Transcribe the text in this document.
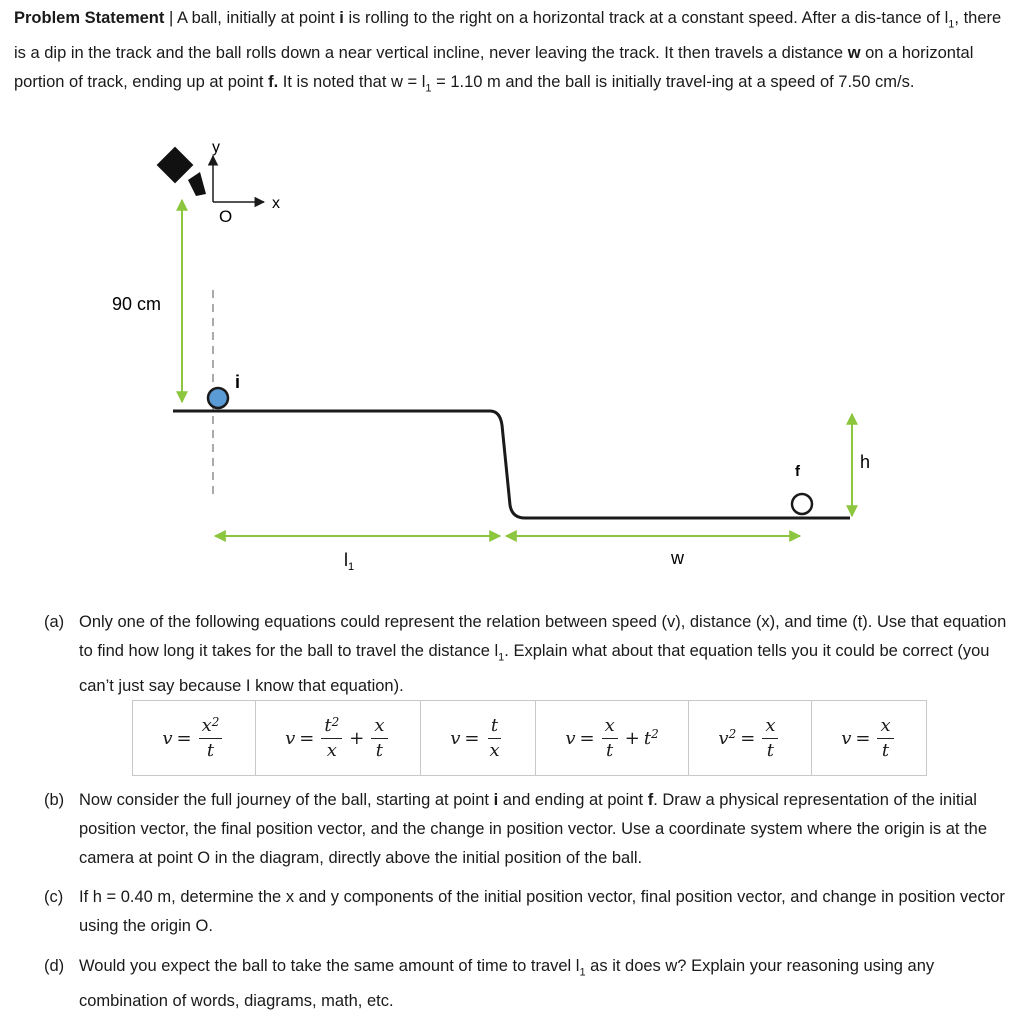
Problem Statement | A ball, initially at point i is rolling to the right on a horizontal track at a constant speed. After a dis-tance of $l_1$, there is a dip in the track and the ball rolls down a near vertical incline, never leaving the track. It then travels a distance w on a horizontal portion of track, ending up at point f. It is noted that $w = l_1 = 1.10$ m and the ball is initially travel-ing at a speed of 7.50 cm/s.
y
x
O
90 cm
i
f	h
$l_1$	w
(a) Only one of the following equations could represent the relation between speed (v), distance (x), and time (t). Use that equation to find how long it takes for the ball to travel the distance $l_1$. Explain what about that equation tells you it could be correct (you can’t just say because I know that equation).
$v = \frac{x^2}{t}$	$v = \frac{t^2}{x} + \frac{x}{t}$	$v = \frac{t}{x}$	$v = \frac{x}{t} + t^2$	$v^2 = \frac{x}{t}$	$v = \frac{x}{t}$
(b) Now consider the full journey of the ball, starting at point i and ending at point f. Draw a physical representation of the initial position vector, the final position vector, and the change in position vector. Use a coordinate system where the origin is at the camera at point O in the diagram, directly above the initial position of the ball.
(c) If h = 0.40 m, determine the x and y components of the initial position vector, final position vector, and change in position vector using the origin O.
(d) Would you expect the ball to take the same amount of time to travel $l_1$ as it does w? Explain your reasoning using any combination of words, diagrams, math, etc.
